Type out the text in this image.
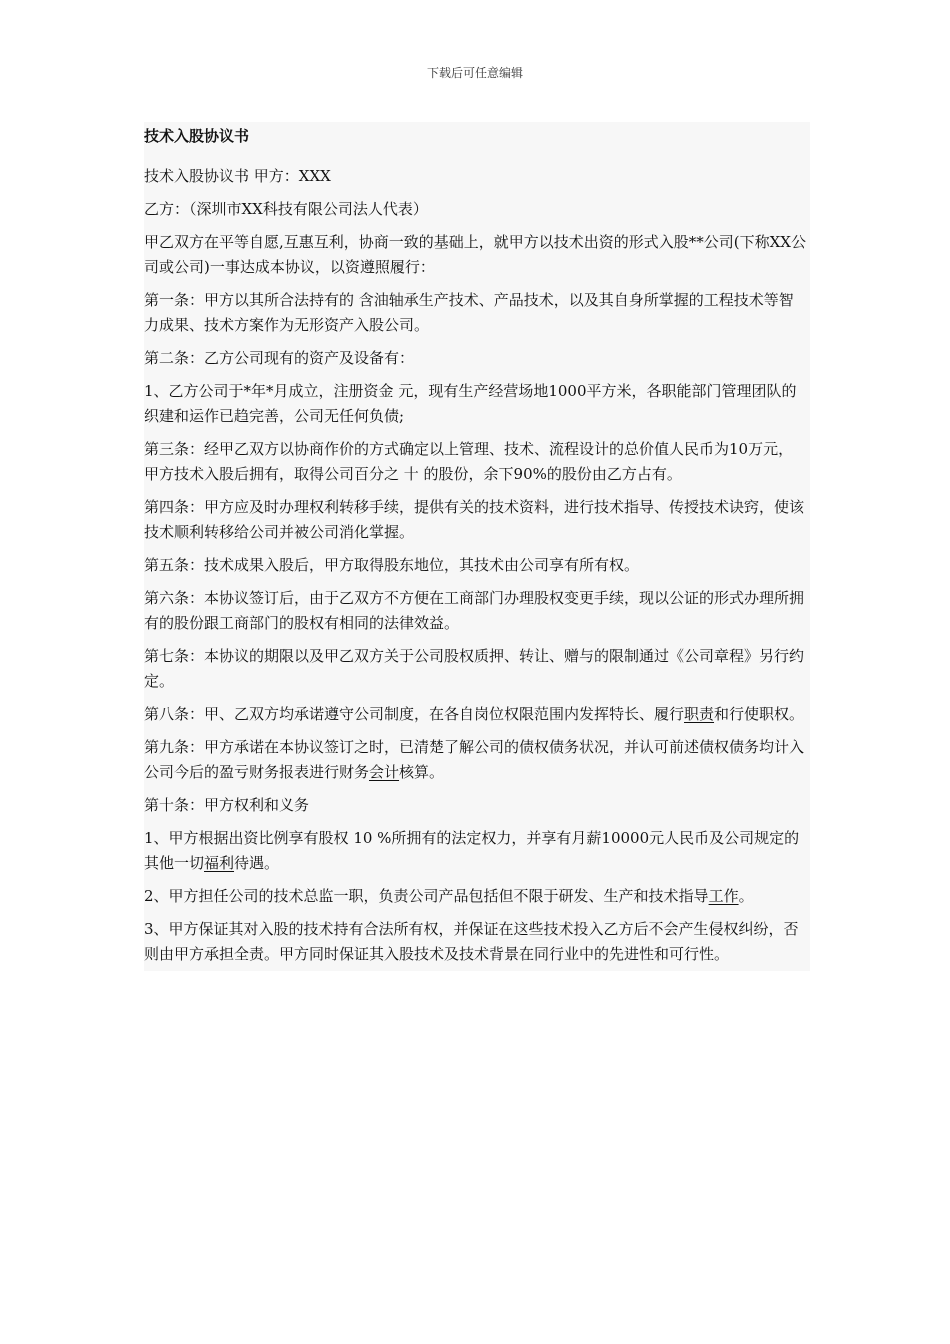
下载后可任意编辑
技术入股协议书

技术入股协议书 甲方：XXX

乙方：（深圳市XX科技有限公司法人代表）

甲乙双方在平等自愿,互惠互利，协商一致的基础上，就甲方以技术出资的形式入股**公司(下称XX公司或公司)一事达成本协议，以资遵照履行：

第一条：甲方以其所合法持有的 含油轴承生产技术、产品技术，以及其自身所掌握的工程技术等智力成果、技术方案作为无形资产入股公司。

第二条：乙方公司现有的资产及设备有：

1、乙方公司于*年*月成立，注册资金 元，现有生产经营场地1000平方米，各职能部门管理团队的织建和运作已趋完善，公司无任何负债;

第三条：经甲乙双方以协商作价的方式确定以上管理、技术、流程设计的总价值人民币为10万元，甲方技术入股后拥有，取得公司百分之 十 的股份，余下90%的股份由乙方占有。

第四条：甲方应及时办理权利转移手续，提供有关的技术资料，进行技术指导、传授技术诀窍，使该技术顺利转移给公司并被公司消化掌握。

第五条：技术成果入股后，甲方取得股东地位，其技术由公司享有所有权。

第六条：本协议签订后，由于乙双方不方便在工商部门办理股权变更手续，现以公证的形式办理所拥有的股份跟工商部门的股权有相同的法律效益。

第七条：本协议的期限以及甲乙双方关于公司股权质押、转让、赠与的限制通过《公司章程》另行约定。

第八条：甲、乙双方均承诺遵守公司制度，在各自岗位权限范围内发挥特长、履行职责和行使职权。

第九条：甲方承诺在本协议签订之时，已清楚了解公司的债权债务状况，并认可前述债权债务均计入公司今后的盈亏财务报表进行财务会计核算。

第十条：甲方权利和义务

1、甲方根据出资比例享有股权 10 %所拥有的法定权力，并享有月薪10000元人民币及公司规定的其他一切福利待遇。

2、甲方担任公司的技术总监一职，负责公司产品包括但不限于研发、生产和技术指导工作。

3、甲方保证其对入股的技术持有合法所有权，并保证在这些技术投入乙方后不会产生侵权纠纷，否则由甲方承担全责。甲方同时保证其入股技术及技术背景在同行业中的先进性和可行性。
